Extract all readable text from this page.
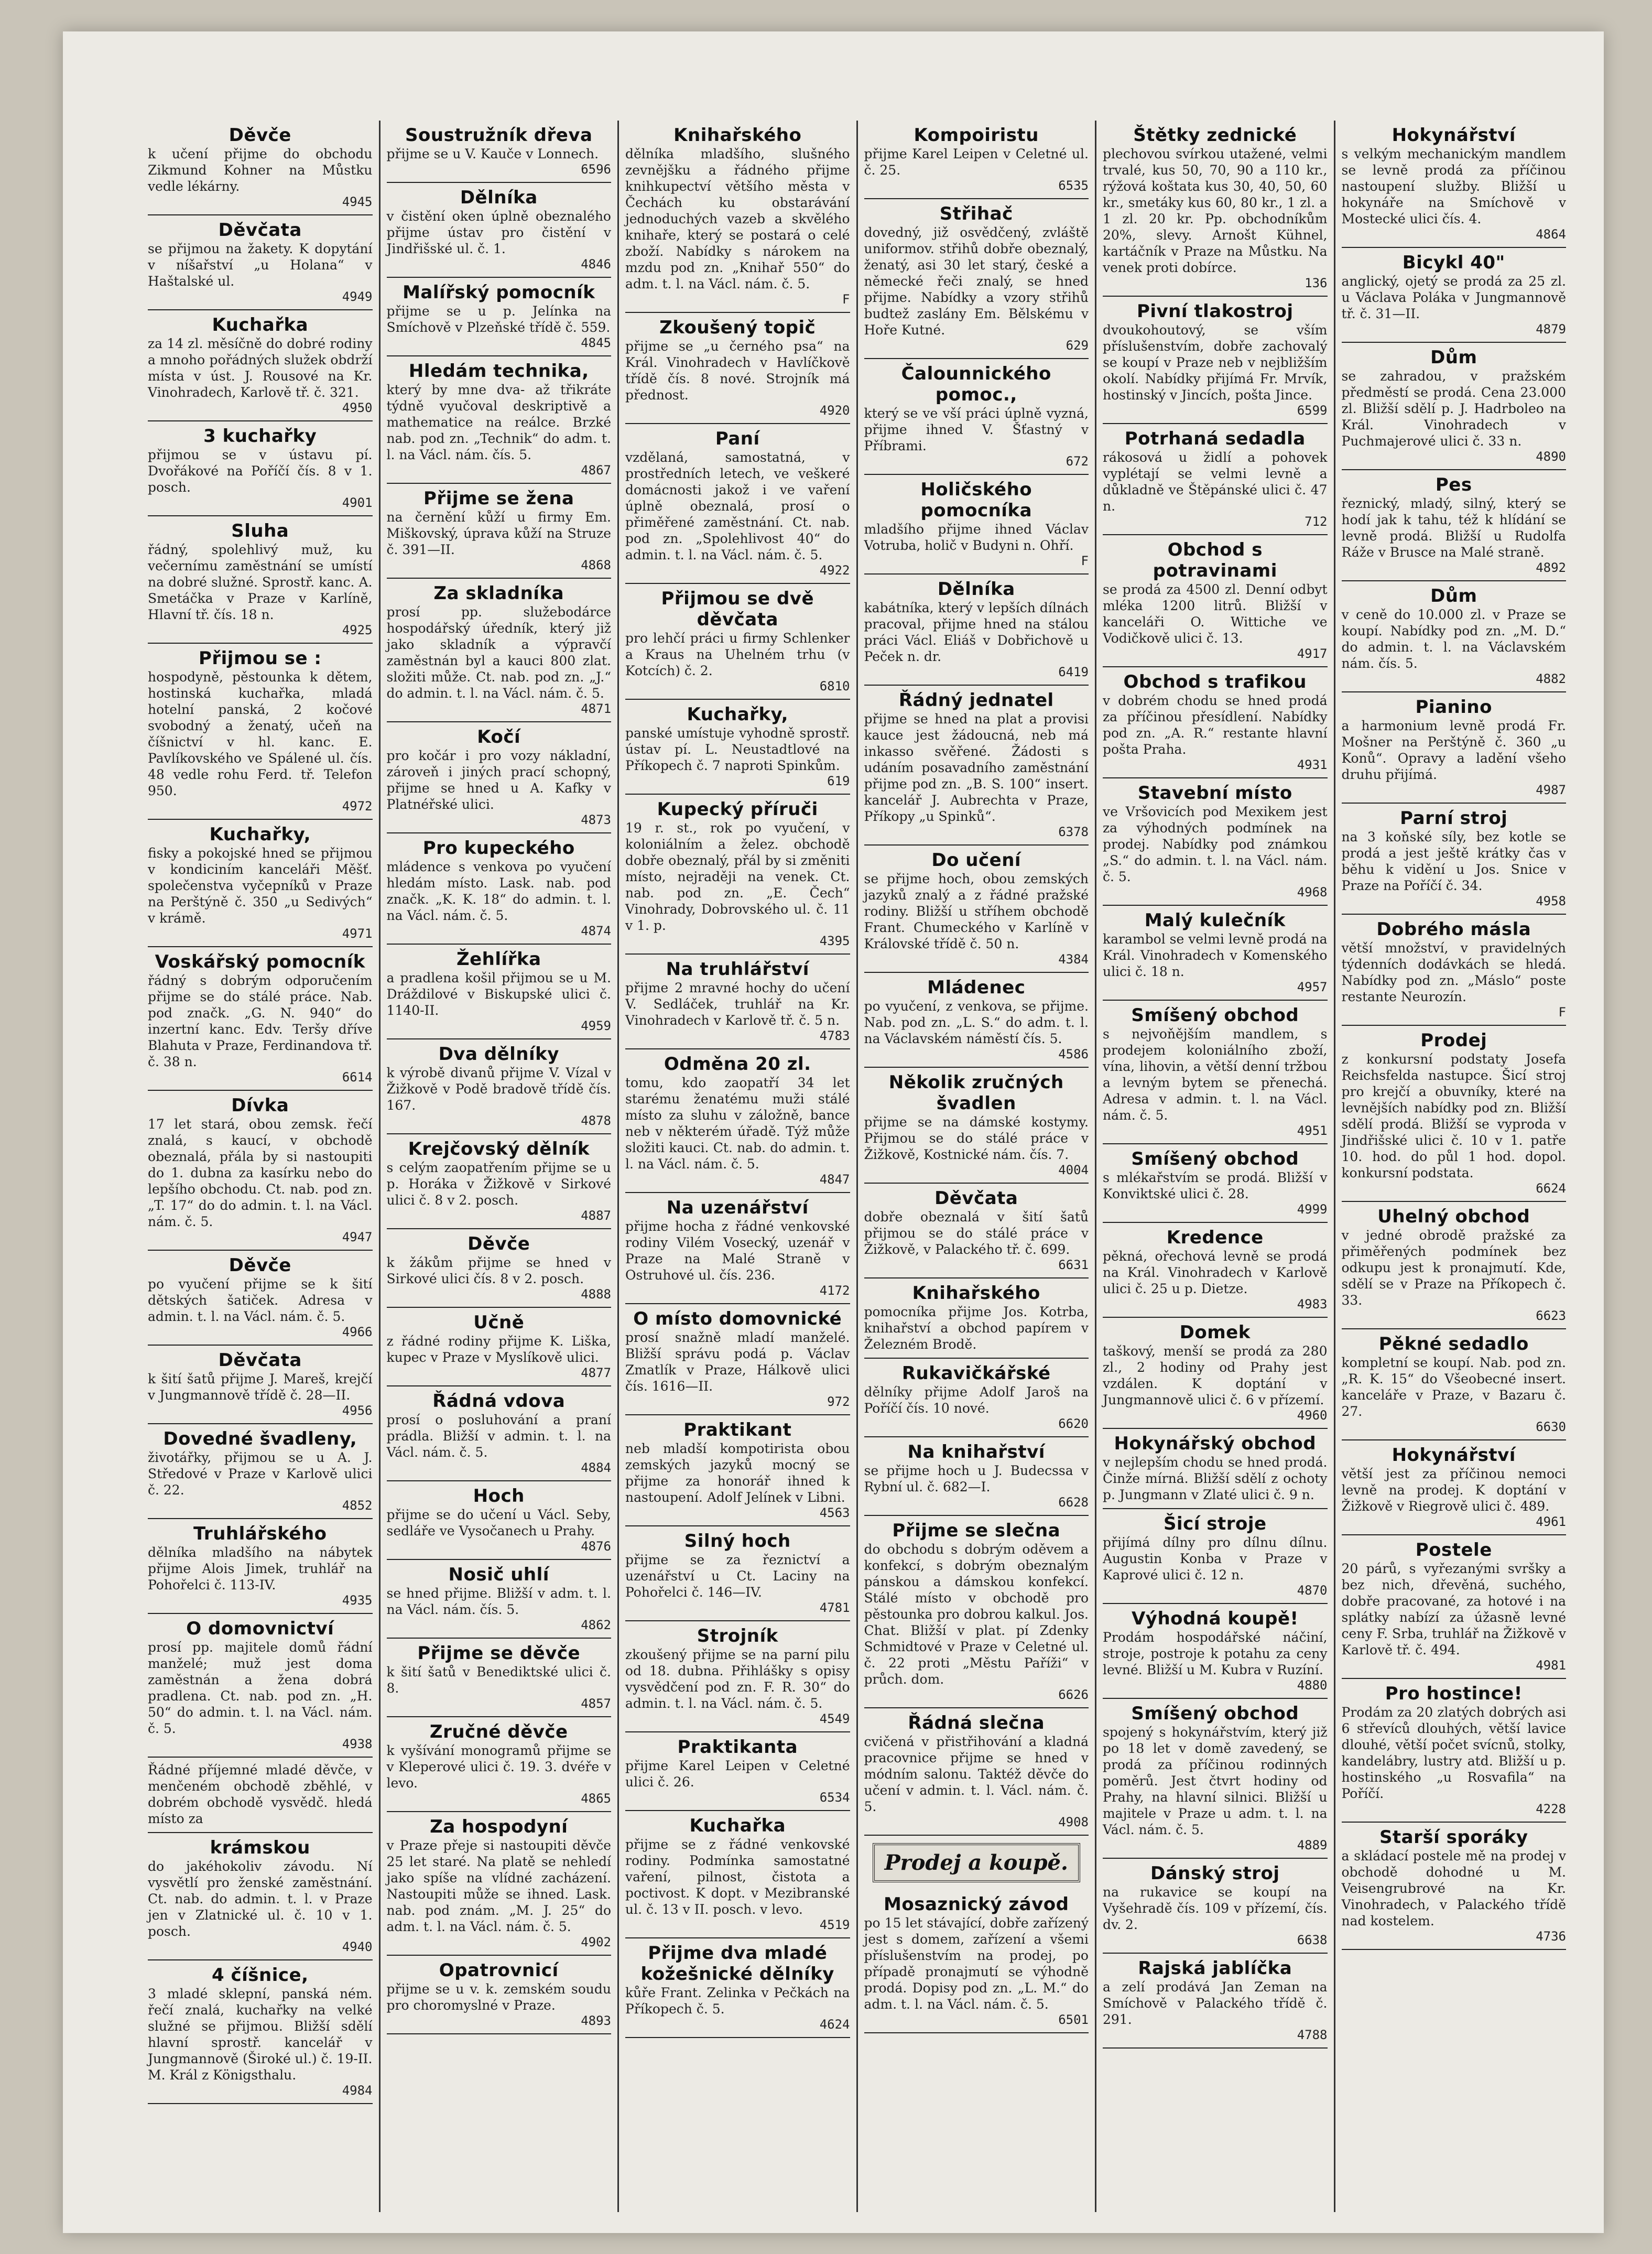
Děvče
k učení přijme do obchodu Zikmund Kohner na Můstku vedle lékárny.
4945
Děvčata
se přijmou na žakety. K dopytání v níšařství „u Holana“ v Haštalské ul.
4949
Kuchařka
za 14 zl. měsíčně do dobré rodiny a mnoho pořádných služek obdrží místa v úst. J. Rousové na Kr. Vinohradech, Karlově tř. č. 321.
4950
3 kuchařky
přijmou se v ústavu pí. Dvořákové na Poříčí čís. 8 v 1. posch.
4901
Sluha
řádný, spolehlivý muž, ku večernímu zaměstnání se umístí na dobré služné. Sprostř. kanc. A. Smetáčka v Praze v Karlíně, Hlavní tř. čís. 18 n.
4925
Přijmou se :
hospodyně, pěstounka k dětem, hostinská kuchařka, mladá hotelní panská, 2 kočové svobodný a ženatý, učeň na číšnictví v hl. kanc. E. Pavlíkovského ve Spálené ul. čís. 48 vedle rohu Ferd. tř. Telefon 950.
4972
Kuchařky,
fisky a pokojské hned se přijmou v kondiciním kanceláři Měšť. společenstva vyčepníků v Praze na Perštýně č. 350 „u Sedivých“ v krámě.
4971
Voskářský pomocník
řádný s dobrým odporučením přijme se do stálé práce. Nab. pod značk. „G. N. 940“ do inzertní kanc. Edv. Teršy dříve Blahuta v Praze, Ferdinandova tř. č. 38 n.
6614
Dívka
17 let stará, obou zemsk. řečí znalá, s kaucí, v obchodě obeznalá, přála by si nastoupiti do 1. dubna za kasírku nebo do lepšího obchodu. Ct. nab. pod zn. „T. 17“ do do admin. t. l. na Václ. nám. č. 5.
4947
Děvče
po vyučení přijme se k šití dětských šatiček. Adresa v admin. t. l. na Václ. nám. č. 5.
4966
Děvčata
k šití šatů přijme J. Mareš, krejčí v Jungmannově třídě č. 28—II.
4956
Dovedné švadleny,
životářky, přijmou se u A. J. Středové v Praze v Karlově ulici č. 22.
4852
Truhlářského
dělníka mladšího na nábytek přijme Alois Jimek, truhlář na Pohořelci č. 113-IV.
4935
O domovnictví
prosí pp. majitele domů řádní manželé; muž jest doma zaměstnán a žena dobrá pradlena. Ct. nab. pod zn. „H. 50“ do admin. t. l. na Václ. nám. č. 5.
4938
Řádné příjemné mladé děvče, v menčeném obchodě zběhlé, v dobrém obchodě vysvědč. hledá místo za
krámskou
do jakéhokoliv závodu. Ní vysvětlí pro ženské zaměstnání. Ct. nab. do admin. t. l. v Praze jen v Zlatnické ul. č. 10 v 1. posch.
4940
4 číšnice,
3 mladé sklepní, panská ném. řečí znalá, kuchařky na velké služné se přijmou. Bližší sdělí hlavní sprostř. kancelář v Jungmannově (Široké ul.) č. 19-II. M. Král z Königsthalu.
4984
Soustružník dřeva
přijme se u V. Kauče v Lonnech.
6596
Dělníka
v čistění oken úplně obeznalého přijme ústav pro čistění v Jindřišské ul. č. 1.
4846
Malířský pomocník
přijme se u p. Jelínka na Smíchově v Plzeňské třídě č. 559.
4845
Hledám technika,
který by mne dva- až třikráte týdně vyučoval deskriptivě a mathematice na reálce. Brzké nab. pod zn. „Technik“ do adm. t. l. na Václ. nám. čís. 5.
4867
Přijme se žena
na černění kůží u firmy Em. Miškovský, úprava kůží na Struze č. 391—II.
4868
Za skladníka
prosí pp. služebodárce hospodářský úředník, který již jako skladník a výpravčí zaměstnán byl a kauci 800 zlat. složiti může. Ct. nab. pod zn. „J.“ do admin. t. l. na Václ. nám. č. 5.
4871
Kočí
pro kočár i pro vozy nákladní, zároveň i jiných prací schopný, přijme se hned u A. Kafky v Platnéřské ulici.
4873
Pro kupeckého
mládence s venkova po vyučení hledám místo. Lask. nab. pod značk. „K. K. 18“ do admin. t. l. na Václ. nám. č. 5.
4874
Žehlířka
a pradlena košil přijmou se u M. Dráždilové v Biskupské ulici č. 1140-II.
4959
Dva dělníky
k výrobě divanů přijme V. Vízal v Žižkově v Podě bradově třídě čís. 167.
4878
Krejčovský dělník
s celým zaopatřením přijme se u p. Horáka v Žižkově v Sirkové ulici č. 8 v 2. posch.
4887
Děvče
k žákům přijme se hned v Sirkové ulici čís. 8 v 2. posch.
4888
Učně
z řádné rodiny přijme K. Liška, kupec v Praze v Myslíkově ulici.
4877
Řádná vdova
prosí o posluhování a praní prádla. Bližší v admin. t. l. na Václ. nám. č. 5.
4884
Hoch
přijme se do učení u Václ. Seby, sedláře ve Vysočanech u Prahy.
4876
Nosič uhlí
se hned přijme. Bližší v adm. t. l. na Václ. nám. čís. 5.
4862
Přijme se děvče
k šití šatů v Benediktské ulici č. 8.
4857
Zručné děvče
k vyšívání monogramů přijme se v Kleperové ulici č. 19. 3. dvéře v levo.
4865
Za hospodyní
v Praze přeje si nastoupiti děvče 25 let staré. Na platě se nehledí jako spíše na vlídné zacházení. Nastoupiti může se ihned. Lask. nab. pod znám. „M. J. 25“ do adm. t. l. na Václ. nám. č. 5.
4902
Opatrovnicí
přijme se u v. k. zemském soudu pro choromyslné v Praze.
4893
Knihařského
dělníka mladšího, slušného zevnějšku a řádného přijme knihkupectví většího města v Čechách ku obstarávání jednoduchých vazeb a skvělého knihaře, který se postará o celé zboží. Nabídky s nárokem na mzdu pod zn. „Knihař 550“ do adm. t. l. na Václ. nám. č. 5.
F
Zkoušený topič
přijme se „u černého psa“ na Král. Vinohradech v Havlíčkově třídě čís. 8 nové. Strojník má přednost.
4920
Paní
vzdělaná, samostatná, v prostředních letech, ve veškeré domácnosti jakož i ve vaření úplně obeznalá, prosí o přiměřené zaměstnání. Ct. nab. pod zn. „Spolehlivost 40“ do admin. t. l. na Václ. nám. č. 5.
4922
Přijmou se dvě děvčata
pro lehčí práci u firmy Schlenker a Kraus na Uhelném trhu (v Kotcích) č. 2.
6810
Kuchařky,
panské umístuje vyhodně sprostř. ústav pí. L. Neustadtlové na Příkopech č. 7 naproti Spinkům.
619
Kupecký příruči
19 r. st., rok po vyučení, v koloniálním a želez. obchodě dobře obeznalý, přál by si změniti místo, nejraději na venek. Ct. nab. pod zn. „E. Čech“ Vinohrady, Dobrovského ul. č. 11 v 1. p.
4395
Na truhlářství
přijme 2 mravné hochy do učení V. Sedláček, truhlář na Kr. Vinohradech v Karlově tř. č. 5 n.
4783
Odměna 20 zl.
tomu, kdo zaopatří 34 let starému ženatému muži stálé místo za sluhu v záložně, bance neb v některém úřadě. Týž může složiti kauci. Ct. nab. do admin. t. l. na Václ. nám. č. 5.
4847
Na uzenářství
přijme hocha z řádné venkovské rodiny Vilém Vosecký, uzenář v Praze na Malé Straně v Ostruhové ul. čís. 236.
4172
O místo domovnické
prosí snažně mladí manželé. Bližší správu podá p. Václav Zmatlík v Praze, Hálkově ulici čís. 1616—II.
972
Praktikant
neb mladší kompotirista obou zemských jazyků mocný se přijme za honorář ihned k nastoupení. Adolf Jelínek v Libni.
4563
Silný hoch
přijme se za řeznictví a uzenářství u Ct. Laciny na Pohořelci č. 146—IV.
4781
Strojník
zkoušený přijme se na parní pilu od 18. dubna. Přihlášky s opisy vysvědčení pod zn. F. R. 30“ do admin. t. l. na Václ. nám. č. 5.
4549
Praktikanta
přijme Karel Leipen v Celetné ulici č. 26.
6534
Kuchařka
přijme se z řádné venkovské rodiny. Podmínka samostatné vaření, pilnost, čistota a poctivost. K dopt. v Mezibranské ul. č. 13 v II. posch. v levo.
4519
Přijme dva mladé kožešnické dělníky
kůře Frant. Zelinka v Pečkách na Příkopech č. 5.
4624
Kompoiristu
přijme Karel Leipen v Celetné ul. č. 25.
6535
Střihač
dovedný, již osvědčený, zvláště uniformov. střihů dobře obeznalý, ženatý, asi 30 let starý, české a německé řeči znalý, se hned přijme. Nabídky a vzory střihů budtež zaslány Em. Bělskému v Hoře Kutné.
629
Čalounnického pomoc.,
který se ve vší práci úplně vyzná, přijme ihned V. Šťastný v Příbrami.
672
Holičského pomocníka
mladšího přijme ihned Václav Votruba, holič v Budyni n. Ohří.
F
Dělníka
kabátníka, který v lepších dílnách pracoval, přijme hned na stálou práci Václ. Eliáš v Dobřichově u Peček n. dr.
6419
Řádný jednatel
přijme se hned na plat a provisi kauce jest žádoucná, neb má inkasso svěřené. Žádosti s udáním posavadního zaměstnání přijme pod zn. „B. S. 100“ insert. kancelář J. Aubrechta v Praze, Příkopy „u Spinků“.
6378
Do učení
se přijme hoch, obou zemských jazyků znalý a z řádné pražské rodiny. Bližší u stříhem obchodě Frant. Chumeckého v Karlíně v Královské třídě č. 50 n.
4384
Mládenec
po vyučení, z venkova, se přijme. Nab. pod zn. „L. S.“ do adm. t. l. na Václavském náměstí čís. 5.
4586
Několik zručných švadlen
přijme se na dámské kostymy. Přijmou se do stálé práce v Žižkově, Kostnické nám. čís. 7.
4004
Děvčata
dobře obeznalá v šití šatů přijmou se do stálé práce v Žižkově, v Palackého tř. č. 699.
6631
Knihařského
pomocníka přijme Jos. Kotrba, knihařství a obchod papírem v Železném Brodě.
Rukavičkářské
dělníky přijme Adolf Jaroš na Poříčí čís. 10 nové.
6620
Na knihařství
se přijme hoch u J. Budecssa v Rybní ul. č. 682—I.
6628
Přijme se slečna
do obchodu s dobrým oděvem a konfekcí, s dobrým obeznalým pánskou a dámskou konfekcí. Stálé místo v obchodě pro pěstounka pro dobrou kalkul. Jos. Chat. Bližší v plat. pí Zdenky Schmidtové v Praze v Celetné ul. č. 22 proti „Městu Paříži“ v průch. dom.
6626
Řádná slečna
cvičená v přistřihování a kladná pracovnice přijme se hned v módním salonu. Taktéž děvče do učení v admin. t. l. Václ. nám. č. 5.
4908
Prodej a koupě.
Mosaznický závod
po 15 let stávající, dobře zařízený jest s domem, zařízení a všemi příslušenstvím na prodej, po případě pronajmutí se výhodně prodá. Dopisy pod zn. „L. M.“ do adm. t. l. na Václ. nám. č. 5.
6501
Štětky zednické
plechovou svírkou utažené, velmi trvalé, kus 50, 70, 90 a 110 kr., rýžová koštata kus 30, 40, 50, 60 kr., smetáky kus 60, 80 kr., 1 zl. a 1 zl. 20 kr. Pp. obchodníkům 20%, slevy. Arnošt Kühnel, kartáčník v Praze na Můstku. Na venek proti dobírce.
136
Pivní tlakostroj
dvoukohoutový, se vším příslušenstvím, dobře zachovalý se koupí v Praze neb v nejbližším okolí. Nabídky přijímá Fr. Mrvík, hostinský v Jincích, pošta Jince.
6599
Potrhaná sedadla
rákosová u židlí a pohovek vyplétají se velmi levně a důkladně ve Štěpánské ulici č. 47 n.
712
Obchod s potravinami
se prodá za 4500 zl. Denní odbyt mléka 1200 litrů. Bližší v kanceláři O. Wittiche ve Vodičkově ulici č. 13.
4917
Obchod s trafikou
v dobrém chodu se hned prodá za příčinou přesídlení. Nabídky pod zn. „A. R.“ restante hlavní pošta Praha.
4931
Stavební místo
ve Vršovicích pod Mexikem jest za výhodných podmínek na prodej. Nabídky pod známkou „S.“ do admin. t. l. na Václ. nám. č. 5.
4968
Malý kulečník
karambol se velmi levně prodá na Král. Vinohradech v Komenského ulici č. 18 n.
4957
Smíšený obchod
s nejvoňějším mandlem, s prodejem koloniálního zboží, vína, lihovin, a větší denní tržbou a levným bytem se přenechá. Adresa v admin. t. l. na Václ. nám. č. 5.
4951
Smíšený obchod
s mlékařstvím se prodá. Bližší v Konviktské ulici č. 28.
4999
Kredence
pěkná, ořechová levně se prodá na Král. Vinohradech v Karlově ulici č. 25 u p. Dietze.
4983
Domek
taškový, menší se prodá za 280 zl., 2 hodiny od Prahy jest vzdálen. K doptání v Jungmannově ulici č. 6 v přízemí.
4960
Hokynářský obchod
v nejlepším chodu se hned prodá. Činže mírná. Bližší sdělí z ochoty p. Jungmann v Zlaté ulici č. 9 n.
Šicí stroje
přijímá dílny pro dílnu dílnu. Augustin Konba v Praze v Kaprové ulici č. 12 n.
4870
Výhodná koupě!
Prodám hospodářské náčiní, stroje, postroje k potahu za ceny levné. Bližší u M. Kubra v Ruzíní.
4880
Smíšený obchod
spojený s hokynářstvím, který již po 18 let v domě zavedený, se prodá za příčinou rodinných poměrů. Jest čtvrt hodiny od Prahy, na hlavní silnici. Bližší u majitele v Praze u adm. t. l. na Václ. nám. č. 5.
4889
Dánský stroj
na rukavice se koupí na Vyšehradě čís. 109 v přízemí, čís. dv. 2.
6638
Rajská jablíčka
a zelí prodává Jan Zeman na Smíchově v Palackého třídě č. 291.
4788
Hokynářství
s velkým mechanickým mandlem se levně prodá za příčinou nastoupení služby. Bližší u hokynáře na Smíchově v Mostecké ulici čís. 4.
4864
Bicykl 40"
anglický, ojetý se prodá za 25 zl. u Václava Poláka v Jungmannově tř. č. 31—II.
4879
Dům
se zahradou, v pražském předměstí se prodá. Cena 23.000 zl. Bližší sdělí p. J. Hadrboleo na Král. Vinohradech v Puchmajerové ulici č. 33 n.
4890
Pes
řeznický, mladý, silný, který se hodí jak k tahu, též k hlídání se levně prodá. Bližší u Rudolfa Ráže v Brusce na Malé straně.
4892
Dům
v ceně do 10.000 zl. v Praze se koupí. Nabídky pod zn. „M. D.“ do admin. t. l. na Václavském nám. čís. 5.
4882
Pianino
a harmonium levně prodá Fr. Mošner na Perštýně č. 360 „u Konů“. Opravy a ladění všeho druhu přijímá.
4987
Parní stroj
na 3 koňské síly, bez kotle se prodá a jest ještě krátky čas v běhu k vidění u Jos. Snice v Praze na Poříčí č. 34.
4958
Dobrého másla
větší množství, v pravidelných týdenních dodávkách se hledá. Nabídky pod zn. „Máslo“ poste restante Neurozín.
F
Prodej
z konkursní podstaty Josefa Reichsfelda nastupce. Šicí stroj pro krejčí a obuvníky, které na levnějších nabídky pod zn. Bližší sdělí prodá. Bližší se vyproda v Jindřišské ulici č. 10 v 1. patře 10. hod. do půl 1 hod. dopol. konkursní podstata.
6624
Uhelný obchod
v jedné obrodě pražské za přiměřených podmínek bez odkupu jest k pronajmutí. Kde, sdělí se v Praze na Příkopech č. 33.
6623
Pěkné sedadlo
kompletní se koupí. Nab. pod zn. „R. K. 15“ do Všeobecné insert. kanceláře v Praze, v Bazaru č. 27.
6630
Hokynářství
větší jest za příčinou nemoci levně na prodej. K doptání v Žižkově v Riegrově ulici č. 489.
4961
Postele
20 párů, s vyřezanými svršky a bez nich, dřevěná, suchého, dobře pracované, za hotové i na splátky nabízí za úžasně levné ceny F. Srba, truhlář na Žižkově v Karlově tř. č. 494.
4981
Pro hostince!
Prodám za 20 zlatých dobrých asi 6 střevíců dlouhých, větší lavice dlouhé, větší počet svícnů, stolky, kandelábry, lustry atd. Bližší u p. hostinského „u Rosvafila“ na Poříčí.
4228
Starší sporáky
a skládací postele mě na prodej v obchodě dohodné u M. Veisengrubrové na Kr. Vinohradech, v Palackého třídě nad kostelem.
4736
